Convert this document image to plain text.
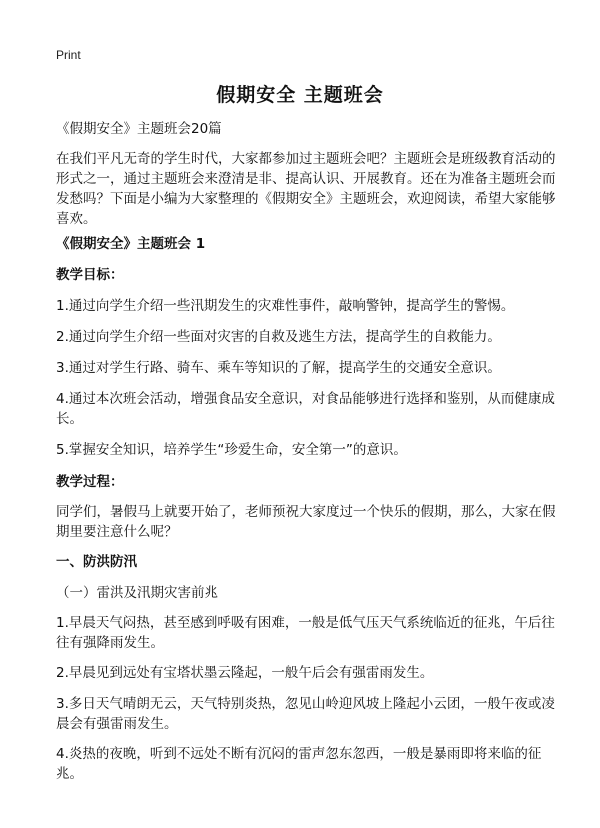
Print
假期安全 主题班会
《假期安全》主题班会20篇
在我们平凡无奇的学生时代，大家都参加过主题班会吧？主题班会是班级教育活动的形式之一，通过主题班会来澄清是非、提高认识、开展教育。还在为准备主题班会而发愁吗？下面是小编为大家整理的《假期安全》主题班会，欢迎阅读，希望大家能够喜欢。
《假期安全》主题班会 1
教学目标：
1.通过向学生介绍一些汛期发生的灾难性事件，敲响警钟，提高学生的警惕。
2.通过向学生介绍一些面对灾害的自救及逃生方法，提高学生的自救能力。
3.通过对学生行路、骑车、乘车等知识的了解，提高学生的交通安全意识。
4.通过本次班会活动，增强食品安全意识，对食品能够进行选择和鉴别，从而健康成长。
5.掌握安全知识，培养学生“珍爱生命，安全第一”的意识。
教学过程：
同学们，暑假马上就要开始了，老师预祝大家度过一个快乐的假期，那么，大家在假期里要注意什么呢？
一、防洪防汛
（一）雷洪及汛期灾害前兆
1.早晨天气闷热，甚至感到呼吸有困难，一般是低气压天气系统临近的征兆，午后往往有强降雨发生。
2.早晨见到远处有宝塔状墨云隆起，一般午后会有强雷雨发生。
3.多日天气晴朗无云，天气特别炎热，忽见山岭迎风坡上隆起小云团，一般午夜或凌晨会有强雷雨发生。
4.炎热的夜晚，听到不远处不断有沉闷的雷声忽东忽西，一般是暴雨即将来临的征兆。
